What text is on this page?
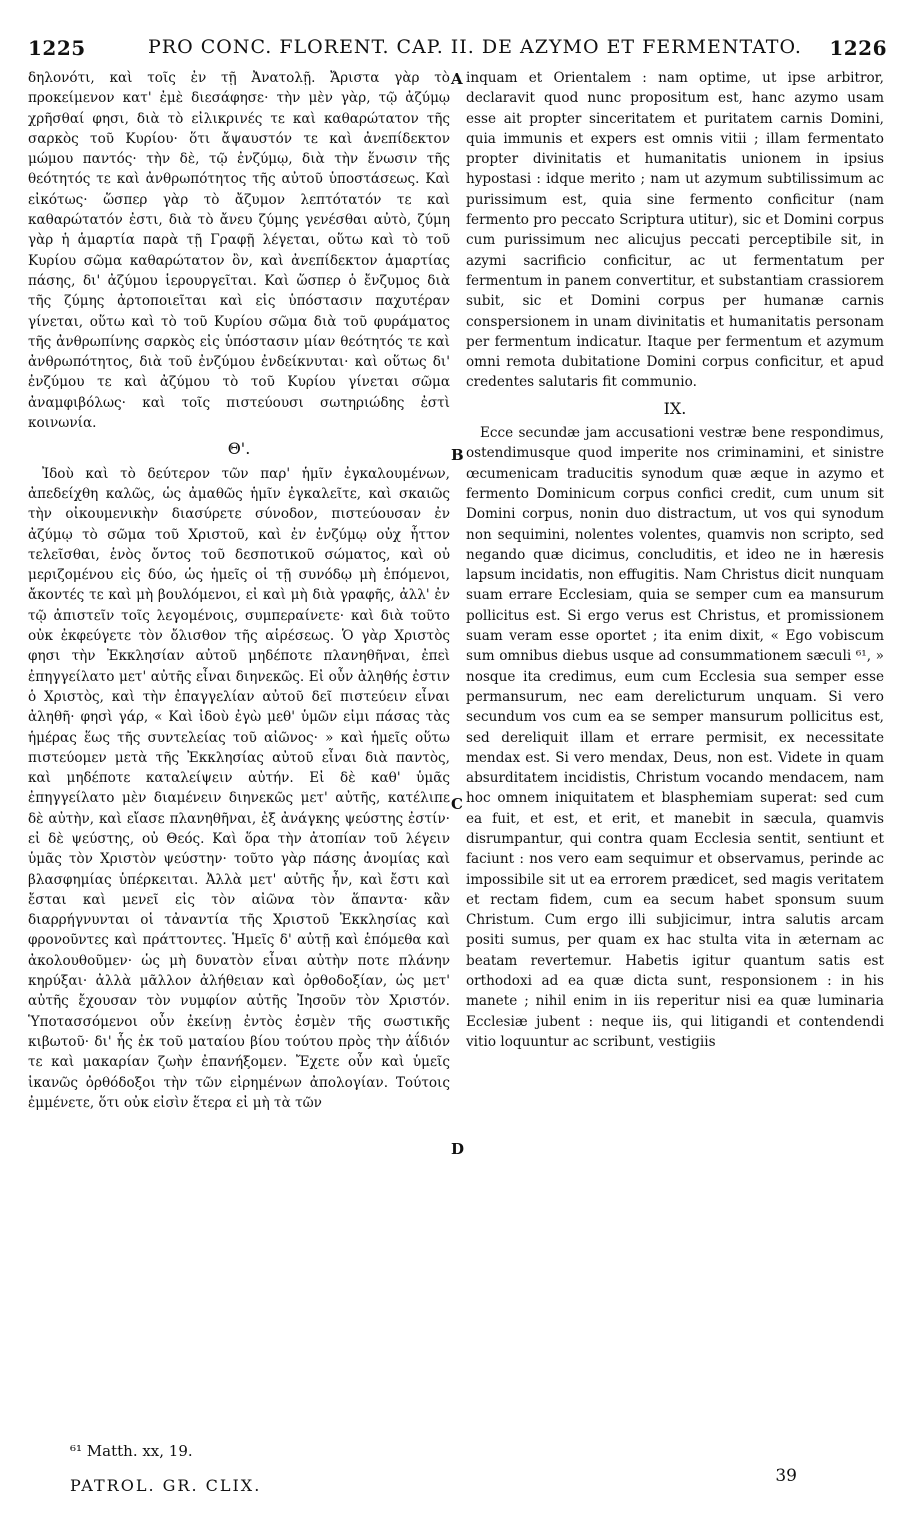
1225	PRO CONC. FLORENT. CAP. II. DE AZYMO ET FERMENTATO. 1226
A
B
C
D

δηλονότι, καὶ τοῖς ἐν τῇ Ἀνατολῇ. Ἄριστα γὰρ τὸ προκείμενον κατ' ἐμὲ διεσάφησε· τὴν μὲν γὰρ, τῷ ἀζύμῳ χρῆσθαί φησι, διὰ τὸ εἰλικρινές τε καὶ καθαρώτατον τῆς σαρκὸς τοῦ Κυρίου· ὅτι ἄψαυστόν τε καὶ ἀνεπίδεκτον μώμου παντός· τὴν δὲ, τῷ ἐνζύμῳ, διὰ τὴν ἕνωσιν τῆς θεότητός τε καὶ ἀνθρωπότητος τῆς αὐτοῦ ὑποστάσεως. Καὶ εἰκότως· ὥσπερ γὰρ τὸ ἄζυμον λεπτότατόν τε καὶ καθαρώτατόν ἐστι, διὰ τὸ ἄνευ ζύμης γενέσθαι αὐτὸ, ζύμη γὰρ ἡ ἁμαρτία παρὰ τῇ Γραφῇ λέγεται, οὕτω καὶ τὸ τοῦ Κυρίου σῶμα καθαρώτατον ὂν, καὶ ἀνεπίδεκτον ἁμαρτίας πάσης, δι' ἀζύμου ἱερουργεῖται. Καὶ ὥσπερ ὁ ἔνζυμος διὰ τῆς ζύμης ἀρτοποιεῖται καὶ εἰς ὑπόστασιν παχυτέραν γίνεται, οὕτω καὶ τὸ τοῦ Κυρίου σῶμα διὰ τοῦ φυράματος τῆς ἀνθρωπίνης σαρκὸς εἰς ὑπόστασιν μίαν θεότητός τε καὶ ἀνθρωπότητος, διὰ τοῦ ἐνζύμου ἐνδείκνυται· καὶ οὕτως δι' ἐνζύμου τε καὶ ἀζύμου τὸ τοῦ Κυρίου γίνεται σῶμα ἀναμφιβόλως· καὶ τοῖς πιστεύουσι σωτηριώδης ἐστὶ κοινωνία.

Θ'.

Ἰδοὺ καὶ τὸ δεύτερον τῶν παρ' ἡμῖν ἐγκαλουμένων, ἀπεδείχθη καλῶς, ὡς ἀμαθῶς ἡμῖν ἐγκαλεῖτε, καὶ σκαιῶς τὴν οἰκουμενικὴν διασύρετε σύνοδον, πιστεύουσαν ἐν ἀζύμῳ τὸ σῶμα τοῦ Χριστοῦ, καὶ ἐν ἐνζύμῳ οὐχ ἧττον τελεῖσθαι, ἑνὸς ὄντος τοῦ δεσποτικοῦ σώματος, καὶ οὐ μεριζομένου εἰς δύο, ὡς ἡμεῖς οἱ τῇ συνόδῳ μὴ ἑπόμενοι, ἄκοντές τε καὶ μὴ βουλόμενοι, εἰ καὶ μὴ διὰ γραφῆς, ἀλλ' ἐν τῷ ἀπιστεῖν τοῖς λεγομένοις, συμπεραίνετε· καὶ διὰ τοῦτο οὐκ ἐκφεύγετε τὸν ὄλισθον τῆς αἱρέσεως. Ὁ γὰρ Χριστὸς φησι τὴν Ἐκκλησίαν αὐτοῦ μηδέποτε πλανηθῆναι, ἐπεὶ ἐπηγγείλατο μετ' αὐτῆς εἶναι διηνεκῶς. Εἰ οὖν ἀληθής ἐστιν ὁ Χριστὸς, καὶ τὴν ἐπαγγελίαν αὐτοῦ δεῖ πιστεύειν εἶναι ἀληθῆ· φησὶ γάρ, « Καὶ ἰδοὺ ἐγὼ μεθ' ὑμῶν εἰμι πάσας τὰς ἡμέρας ἕως τῆς συντελείας τοῦ αἰῶνος· » καὶ ἡμεῖς οὕτω πιστεύομεν μετὰ τῆς Ἐκκλησίας αὐτοῦ εἶναι διὰ παντὸς, καὶ μηδέποτε καταλείψειν αὐτήν. Εἰ δὲ καθ' ὑμᾶς ἐπηγγείλατο μὲν διαμένειν διηνεκῶς μετ' αὐτῆς, κατέλιπε δὲ αὐτὴν, καὶ εἴασε πλανηθῆναι, ἐξ ἀνάγκης ψεύστης ἐστίν· εἰ δὲ ψεύστης, οὐ Θεός. Καὶ ὅρα τὴν ἀτοπίαν τοῦ λέγειν ὑμᾶς τὸν Χριστὸν ψεύστην· τοῦτο γὰρ πάσης ἀνομίας καὶ βλασφημίας ὑπέρκειται. Ἀλλὰ μετ' αὐτῆς ἦν, καὶ ἔστι καὶ ἔσται καὶ μενεῖ εἰς τὸν αἰῶνα τὸν ἅπαντα· κἂν διαρρήγνυνται οἱ τἀναντία τῆς Χριστοῦ Ἐκκλησίας καὶ φρονοῦντες καὶ πράττοντες. Ἡμεῖς δ' αὐτῇ καὶ ἑπόμεθα καὶ ἀκολουθοῦμεν· ὡς μὴ δυνατὸν εἶναι αὐτὴν ποτε πλάνην κηρύξαι· ἀλλὰ μᾶλλον ἀλήθειαν καὶ ὀρθοδοξίαν, ὡς μετ' αὐτῆς ἔχουσαν τὸν νυμφίον αὐτῆς Ἰησοῦν τὸν Χριστόν. Ὑποτασσόμενοι οὖν ἐκείνῃ ἐντὸς ἐσμὲν τῆς σωστικῆς κιβωτοῦ· δι' ἧς ἐκ τοῦ ματαίου βίου τούτου πρὸς τὴν ἀΐδιόν τε καὶ μακαρίαν ζωὴν ἐπανήξομεν. Ἔχετε οὖν καὶ ὑμεῖς ἱκανῶς ὀρθόδοξοι τὴν τῶν εἰρημένων ἀπολογίαν. Τούτοις ἐμμένετε, ὅτι οὐκ εἰσὶν ἕτερα εἰ μὴ τὰ τῶν

inquam et Orientalem : nam optime, ut ipse arbitror, declaravit quod nunc propositum est, hanc azymo usam esse ait propter sinceritatem et puritatem carnis Domini, quia immunis et expers est omnis vitii ; illam fermentato propter divinitatis et humanitatis unionem in ipsius hypostasi : idque merito ; nam ut azymum subtilissimum ac purissimum est, quia sine fermento conficitur (nam fermento pro peccato Scriptura utitur), sic et Domini corpus cum purissimum nec alicujus peccati perceptibile sit, in azymi sacrificio conficitur, ac ut fermentatum per fermentum in panem convertitur, et substantiam crassiorem subit, sic et Domini corpus per humanæ carnis conspersionem in unam divinitatis et humanitatis personam per fermentum indicatur. Itaque per fermentum et azymum omni remota dubitatione Domini corpus conficitur, et apud credentes salutaris fit communio.

IX.

Ecce secundæ jam accusationi vestræ bene respondimus, ostendimusque quod imperite nos criminamini, et sinistre œcumenicam traducitis synodum quæ æque in azymo et fermento Dominicum corpus confici credit, cum unum sit Domini corpus, nonin duo distractum, ut vos qui synodum non sequimini, nolentes volentes, quamvis non scripto, sed negando quæ dicimus, concluditis, et ideo ne in hæresis lapsum incidatis, non effugitis. Nam Christus dicit nunquam suam errare Ecclesiam, quia se semper cum ea mansurum pollicitus est. Si ergo verus est Christus, et promissionem suam veram esse oportet ; ita enim dixit, « Ego vobiscum sum omnibus diebus usque ad consummationem sæculi ⁶¹, » nosque ita credimus, eum cum Ecclesia sua semper esse permansurum, nec eam derelicturum unquam. Si vero secundum vos cum ea se semper mansurum pollicitus est, sed dereliquit illam et errare permisit, ex necessitate mendax est. Si vero mendax, Deus, non est. Videte in quam absurditatem incidistis, Christum vocando mendacem, nam hoc omnem iniquitatem et blasphemiam superat: sed cum ea fuit, et est, et erit, et manebit in sæcula, quamvis disrumpantur, qui contra quam Ecclesia sentit, sentiunt et faciunt : nos vero eam sequimur et observamus, perinde ac impossibile sit ut ea errorem prædicet, sed magis veritatem et rectam fidem, cum ea secum habet sponsum suum Christum. Cum ergo illi subjicimur, intra salutis arcam positi sumus, per quam ex hac stulta vita in æternam ac beatam revertemur. Habetis igitur quantum satis est orthodoxi ad ea quæ dicta sunt, responsionem : in his manete ; nihil enim in iis reperitur nisi ea quæ luminaria Ecclesiæ jubent : neque iis, qui litigandi et contendendi vitio loquuntur ac scribunt, vestigiis

⁶¹ Matth. xx, 19.
PATROL. GR. CLIX.	39
